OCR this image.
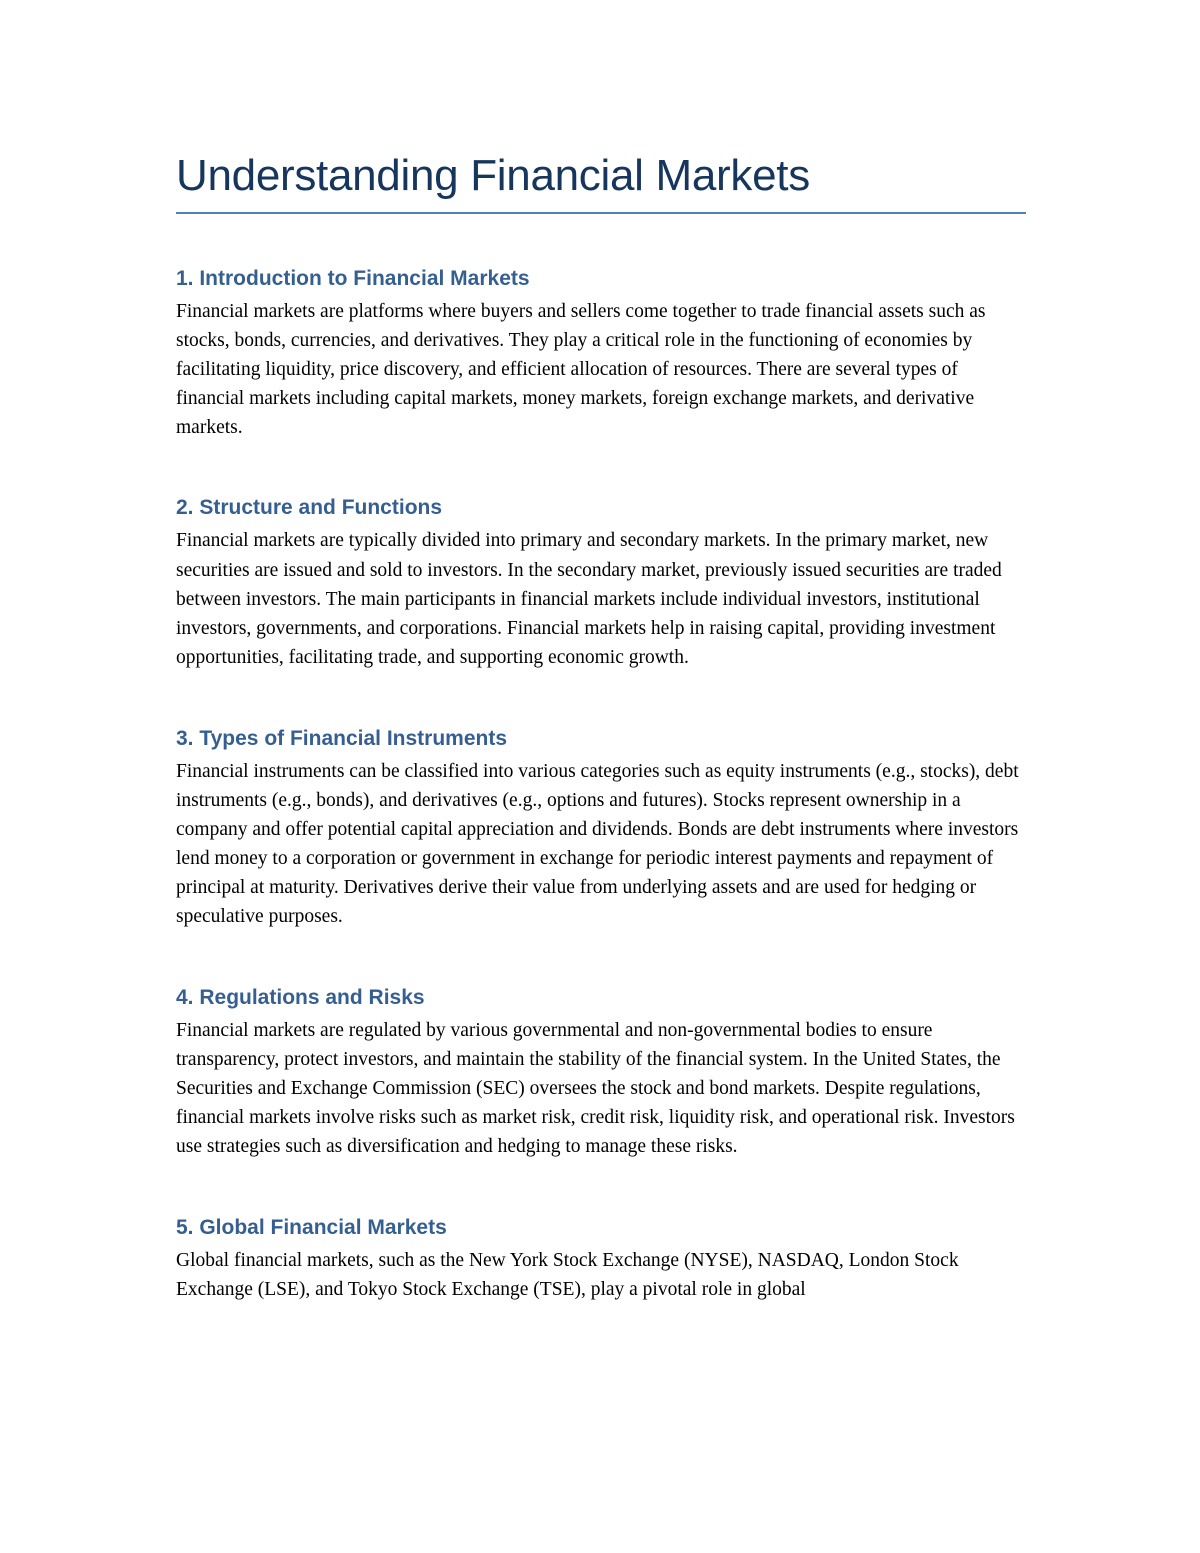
Understanding Financial Markets
1. Introduction to Financial Markets

Financial markets are platforms where buyers and sellers come together to trade financial assets such as stocks, bonds, currencies, and derivatives. They play a critical role in the functioning of economies by facilitating liquidity, price discovery, and efficient allocation of resources. There are several types of financial markets including capital markets, money markets, foreign exchange markets, and derivative markets.

2. Structure and Functions

Financial markets are typically divided into primary and secondary markets. In the primary market, new securities are issued and sold to investors. In the secondary market, previously issued securities are traded between investors. The main participants in financial markets include individual investors, institutional investors, governments, and corporations. Financial markets help in raising capital, providing investment opportunities, facilitating trade, and supporting economic growth.

3. Types of Financial Instruments

Financial instruments can be classified into various categories such as equity instruments (e.g., stocks), debt instruments (e.g., bonds), and derivatives (e.g., options and futures). Stocks represent ownership in a company and offer potential capital appreciation and dividends. Bonds are debt instruments where investors lend money to a corporation or government in exchange for periodic interest payments and repayment of principal at maturity. Derivatives derive their value from underlying assets and are used for hedging or speculative purposes.

4. Regulations and Risks

Financial markets are regulated by various governmental and non-governmental bodies to ensure transparency, protect investors, and maintain the stability of the financial system. In the United States, the Securities and Exchange Commission (SEC) oversees the stock and bond markets. Despite regulations, financial markets involve risks such as market risk, credit risk, liquidity risk, and operational risk. Investors use strategies such as diversification and hedging to manage these risks.

5. Global Financial Markets

Global financial markets, such as the New York Stock Exchange (NYSE), NASDAQ, London Stock Exchange (LSE), and Tokyo Stock Exchange (TSE), play a pivotal role in global
